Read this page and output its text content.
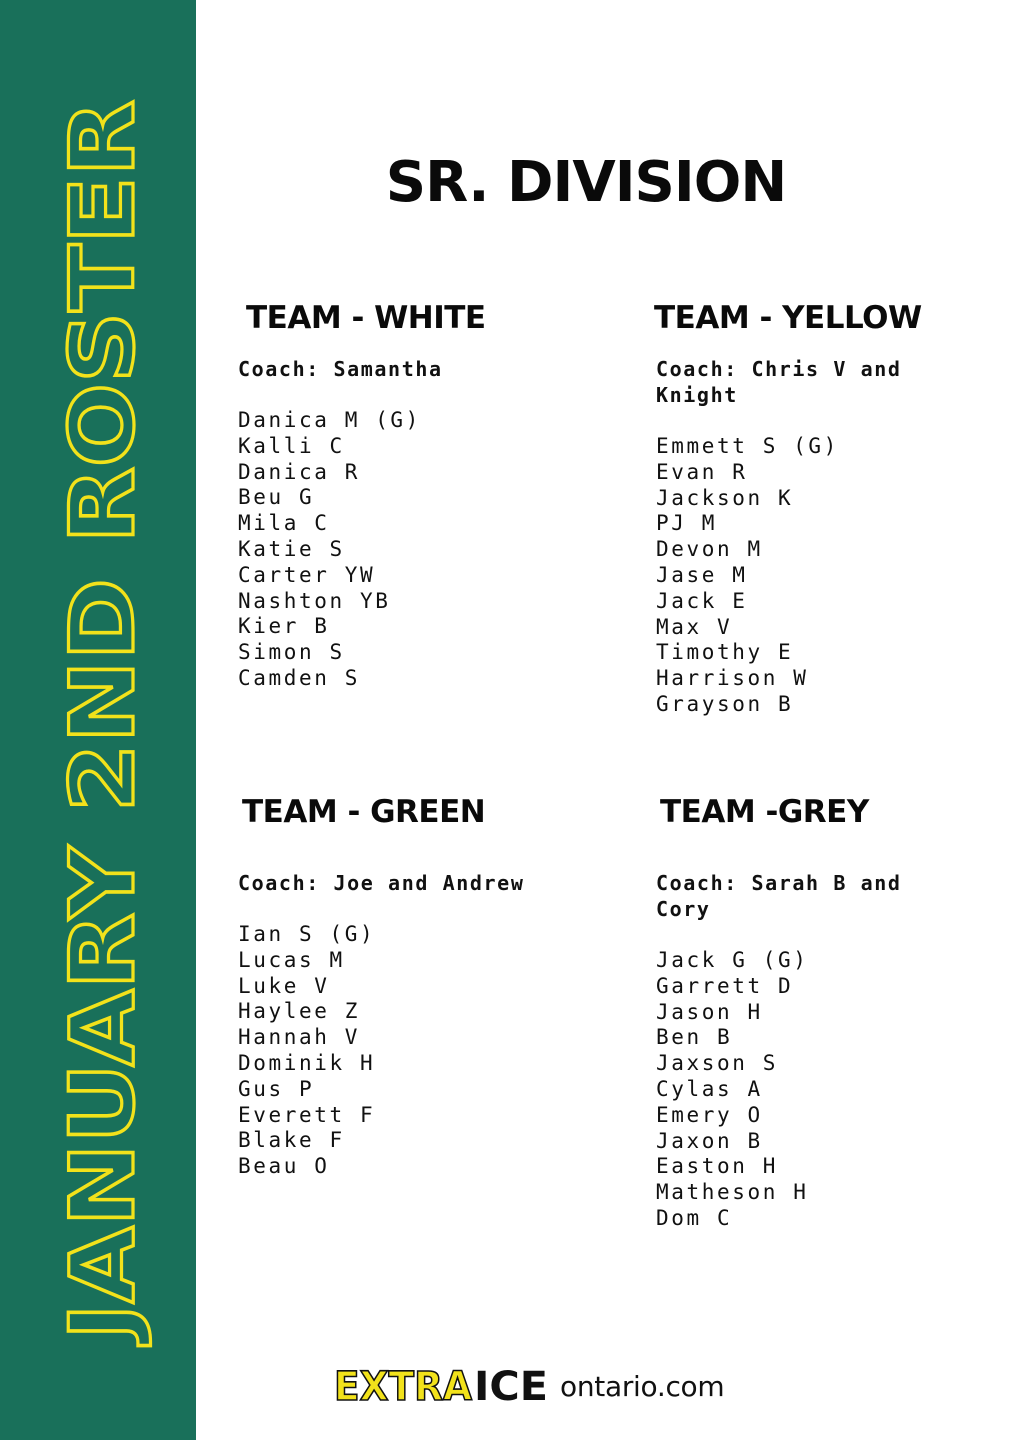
JANUARY 2ND ROSTER
SR. DIVISION
TEAM - WHITE

Coach: Samantha

Danica M (G)
Kalli C
Danica R
Beu G
Mila C
Katie S
Carter YW
Nashton YB
Kier B
Simon S
Camden S
TEAM - YELLOW

Coach: Chris V and

Knight

Emmett S (G)
Evan R
Jackson K
PJ M
Devon M
Jase M
Jack E
Max V
Timothy E
Harrison W
Grayson B
TEAM - GREEN

Coach: Joe and Andrew

Ian S (G)
Lucas M
Luke V
Haylee Z
Hannah V
Dominik H
Gus P
Everett F
Blake F
Beau O
TEAM -GREY

Coach: Sarah B and

Cory

Jack G (G)
Garrett D
Jason H
Ben B
Jaxson S
Cylas A
Emery O
Jaxon B
Easton H
Matheson H
Dom C
EXTRA ICE ontario.com
